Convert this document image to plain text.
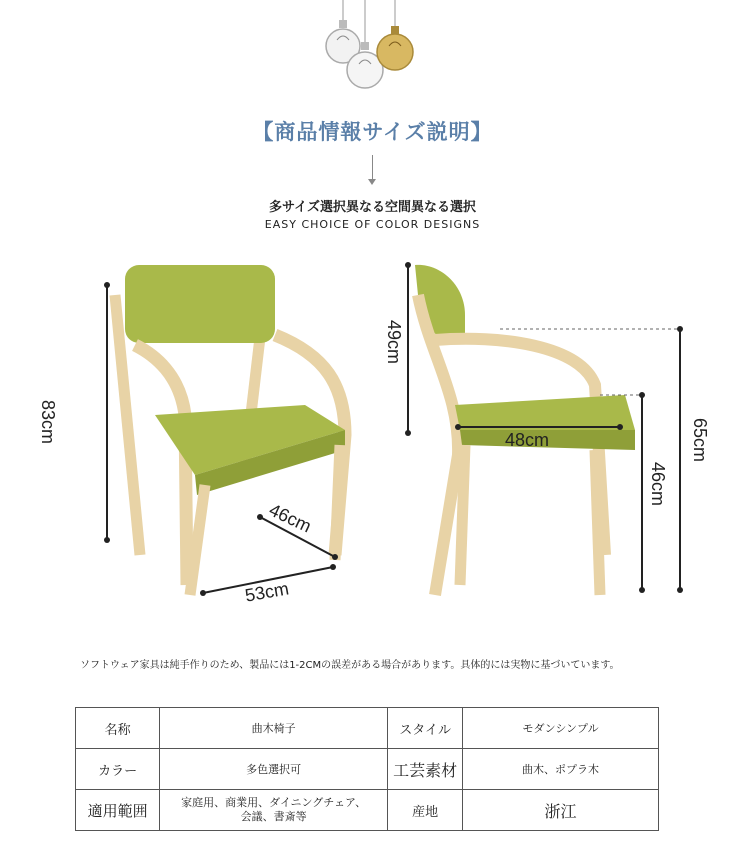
【商品情報サイズ説明】
多サイズ選択異なる空間異なる選択
EASY CHOICE OF COLOR DESIGNS
83cm
46cm
53cm
49cm
48cm	65cm
46cm
ソフトウェア家具は純手作りのため、製品には1-2CMの誤差がある場合があります。具体的には実物に基づいています。
名称	曲木椅子	スタイル	モダンシンプル
カラー	多色選択可	工芸素材	曲木、ポプラ木
適用範囲	家庭用、商業用、ダイニングチェア、会議、書斎等	産地	浙江
